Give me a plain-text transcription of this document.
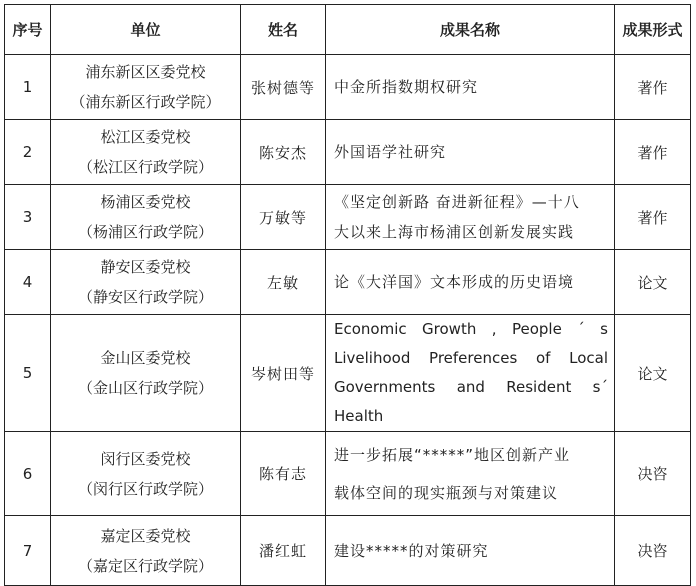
序号	单位	姓名	成果名称	成果形式
1	浦东新区区委党校
（浦东新区行政学院）	张树德等	中金所指数期权研究	著作
2	松江区委党校
（松江区行政学院）	陈安杰	外国语学社研究	著作
3	杨浦区委党校
（杨浦区行政学院）	万敏等	《坚定创新路 奋进新征程》—十八
大以来上海市杨浦区创新发展实践	著作
4	静安区委党校
（静安区行政学院）	左敏	论《大洋国》文本形成的历史语境	论文
5	金山区委党校
（金山区行政学院）	岑树田等	Economic Growth , People ´ s
Livelihood Preferences of Local
Governments and Resident s´ Health	论文
6	闵行区委党校
（闵行区行政学院）	陈有志	进一步拓展“*****”地区创新产业
载体空间的现实瓶颈与对策建议	决咨
7	嘉定区委党校
（嘉定区行政学院）	潘红虹	建设*****的对策研究	决咨
